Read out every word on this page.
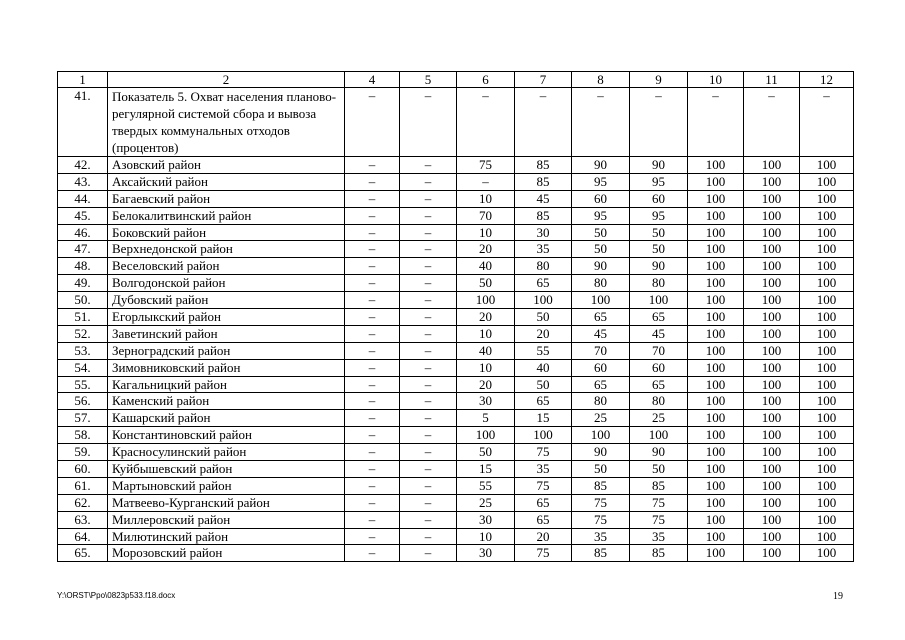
1	2	4	5	6	7	8	9	10	11	12
41.	Показатель 5. Охват населения планово-регулярной системой сбора и вывоза твердых коммунальных отходов (процентов)	–	–	–	–	–	–	–	–	–
42.	Азовский район	–	–	75	85	90	90	100	100	100
43.	Аксайский район	–	–	–	85	95	95	100	100	100
44.	Багаевский район	–	–	10	45	60	60	100	100	100
45.	Белокалитвинский район	–	–	70	85	95	95	100	100	100
46.	Боковский район	–	–	10	30	50	50	100	100	100
47.	Верхнедонской район	–	–	20	35	50	50	100	100	100
48.	Веселовский район	–	–	40	80	90	90	100	100	100
49.	Волгодонской район	–	–	50	65	80	80	100	100	100
50.	Дубовский район	–	–	100	100	100	100	100	100	100
51.	Егорлыкский район	–	–	20	50	65	65	100	100	100
52.	Заветинский район	–	–	10	20	45	45	100	100	100
53.	Зерноградский район	–	–	40	55	70	70	100	100	100
54.	Зимовниковский район	–	–	10	40	60	60	100	100	100
55.	Кагальницкий район	–	–	20	50	65	65	100	100	100
56.	Каменский район	–	–	30	65	80	80	100	100	100
57.	Кашарский район	–	–	5	15	25	25	100	100	100
58.	Константиновский район	–	–	100	100	100	100	100	100	100
59.	Красносулинский район	–	–	50	75	90	90	100	100	100
60.	Куйбышевский район	–	–	15	35	50	50	100	100	100
61.	Мартыновский район	–	–	55	75	85	85	100	100	100
62.	Матвеево-Курганский район	–	–	25	65	75	75	100	100	100
63.	Миллеровский район	–	–	30	65	75	75	100	100	100
64.	Милютинский район	–	–	10	20	35	35	100	100	100
65.	Морозовский район	–	–	30	75	85	85	100	100	100
Y:\ORST\Ppo\0823p533.f18.docx	19
